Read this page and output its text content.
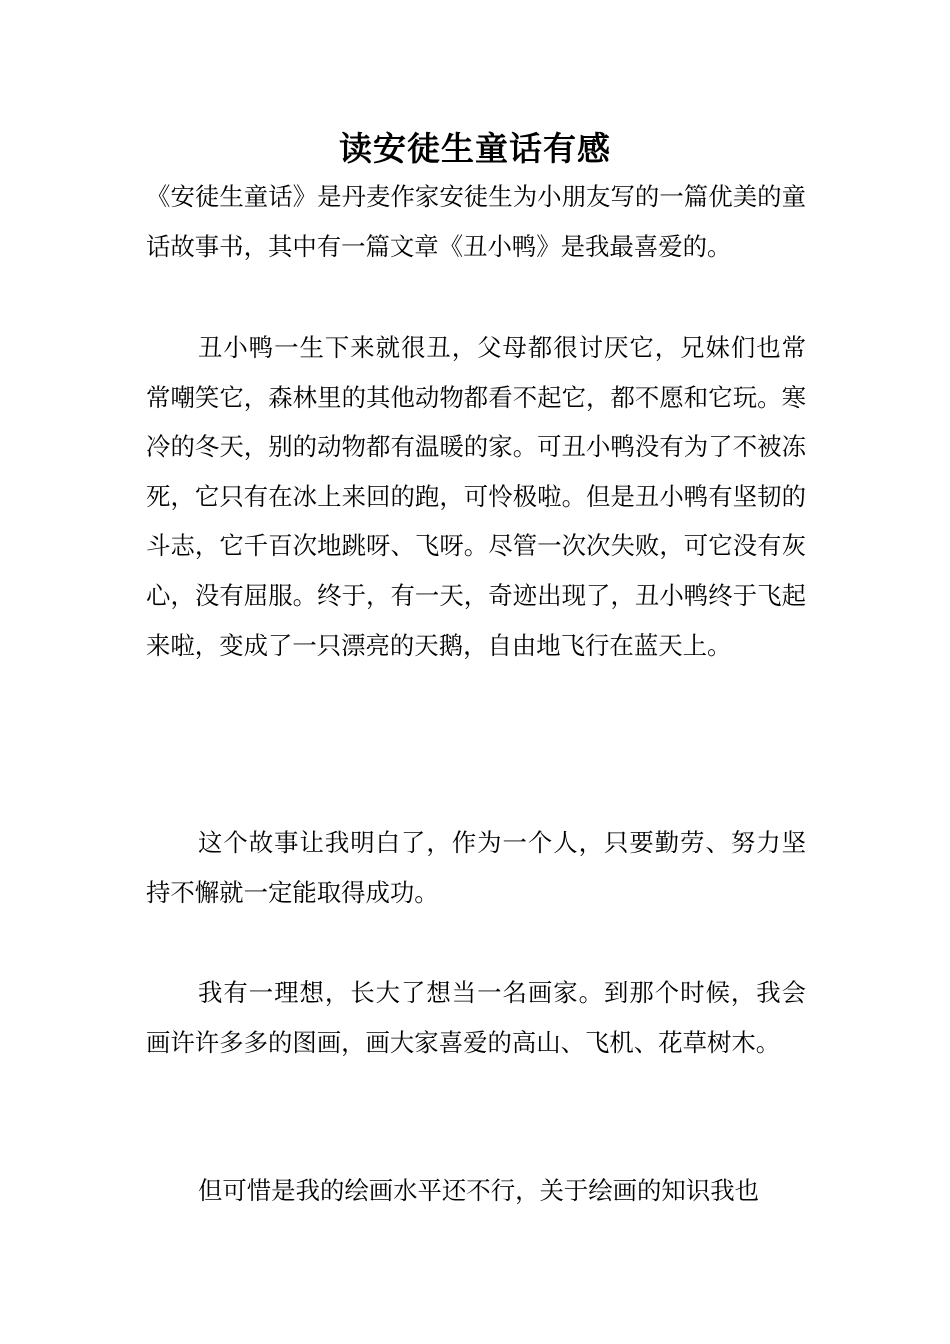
读安徒生童话有感

《安徒生童话》是丹麦作家安徒生为小朋友写的一篇优美的童话故事书，其中有一篇文章《丑小鸭》是我最喜爱的。

丑小鸭一生下来就很丑，父母都很讨厌它，兄妹们也常常嘲笑它，森林里的其他动物都看不起它，都不愿和它玩。寒冷的冬天，别的动物都有温暖的家。可丑小鸭没有为了不被冻死，它只有在冰上来回的跑，可怜极啦。但是丑小鸭有坚韧的斗志，它千百次地跳呀、飞呀。尽管一次次失败，可它没有灰心，没有屈服。终于，有一天，奇迹出现了，丑小鸭终于飞起来啦，变成了一只漂亮的天鹅，自由地飞行在蓝天上。

这个故事让我明白了，作为一个人，只要勤劳、努力坚持不懈就一定能取得成功。

我有一理想，长大了想当一名画家。到那个时候，我会画许许多多的图画，画大家喜爱的高山、飞机、花草树木。

但可惜是我的绘画水平还不行，关于绘画的知识我也
